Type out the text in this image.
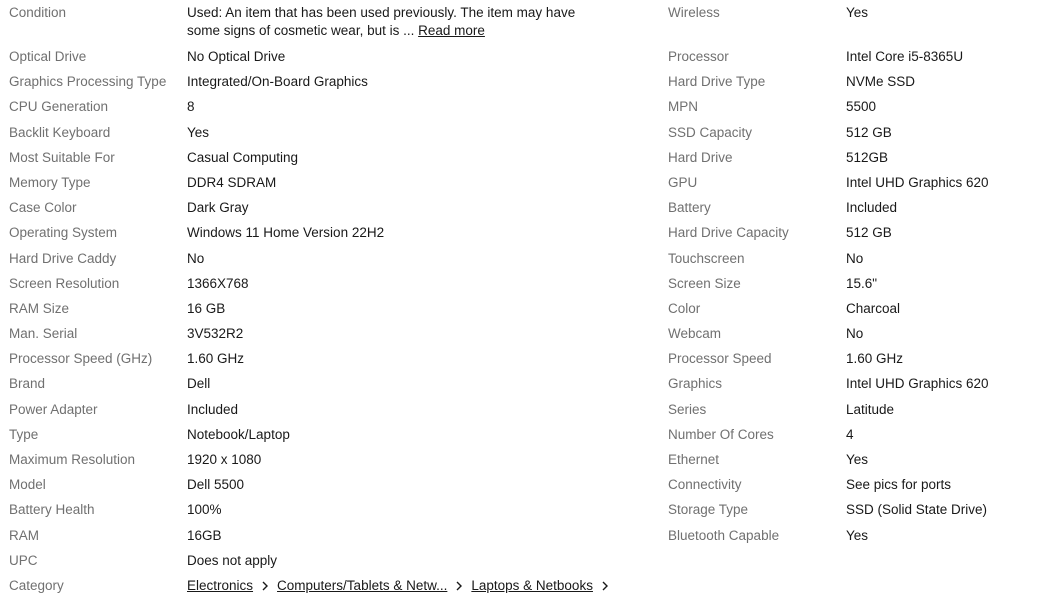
Condition	Used: An item that has been used previously. The item may have some signs of cosmetic wear, but is ... Read more
Optical Drive	No Optical Drive
Graphics Processing Type	Integrated/On-Board Graphics
CPU Generation	8
Backlit Keyboard	Yes
Most Suitable For	Casual Computing
Memory Type	DDR4 SDRAM
Case Color	Dark Gray
Operating System	Windows 11 Home Version 22H2
Hard Drive Caddy	No
Screen Resolution	1366X768
RAM Size	16 GB
Man. Serial	3V532R2
Processor Speed (GHz)	1.60 GHz
Brand	Dell
Power Adapter	Included
Type	Notebook/Laptop
Maximum Resolution	1920 x 1080
Model	Dell 5500
Battery Health	100%
RAM	16GB
UPC	Does not apply
Category	Electronics Computers/Tablets & Netw... Laptops & Netbooks
Wireless	Yes
Processor	Intel Core i5-8365U
Hard Drive Type	NVMe SSD
MPN	5500
SSD Capacity	512 GB
Hard Drive	512GB
GPU	Intel UHD Graphics 620
Battery	Included
Hard Drive Capacity	512 GB
Touchscreen	No
Screen Size	15.6"
Color	Charcoal
Webcam	No
Processor Speed	1.60 GHz
Graphics	Intel UHD Graphics 620
Series	Latitude
Number Of Cores	4
Ethernet	Yes
Connectivity	See pics for ports
Storage Type	SSD (Solid State Drive)
Bluetooth Capable	Yes
